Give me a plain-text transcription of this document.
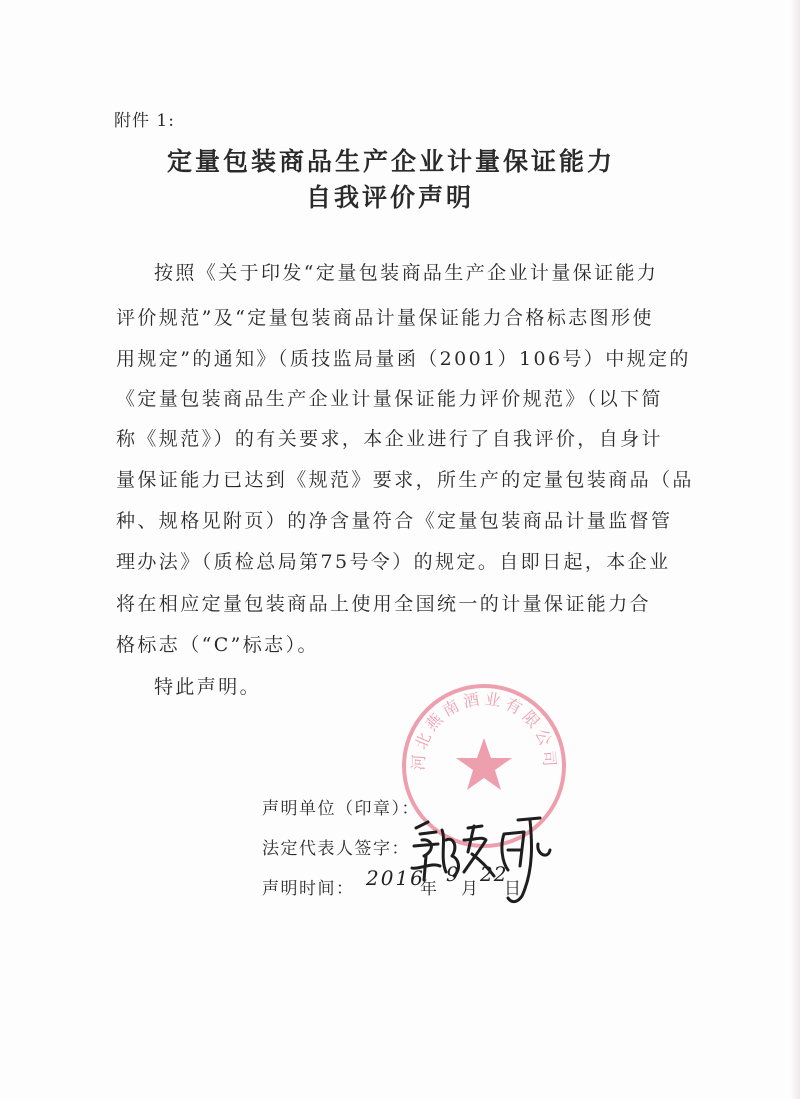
附件 1:
定量包装商品生产企业计量保证能力
自我评价声明
按照《关于印发“定量包装商品生产企业计量保证能力
评价规范”及“定量包装商品计量保证能力合格标志图形使
用规定”的通知》（质技监局量函（2001）106号）中规定的
《定量包装商品生产企业计量保证能力评价规范》（以下简
称《规范》）的有关要求，本企业进行了自我评价，自身计
量保证能力已达到《规范》要求，所生产的定量包装商品（品
种、规格见附页）的净含量符合《定量包装商品计量监督管
理办法》（质检总局第75号令）的规定。自即日起，本企业
将在相应定量包装商品上使用全国统一的计量保证能力合
格标志（“C”标志）。
特此声明。
河北燕南酒业有限公司
声明单位（印章）：
法定代表人签字：
声明时间： 2016
年
9
月
22
日
